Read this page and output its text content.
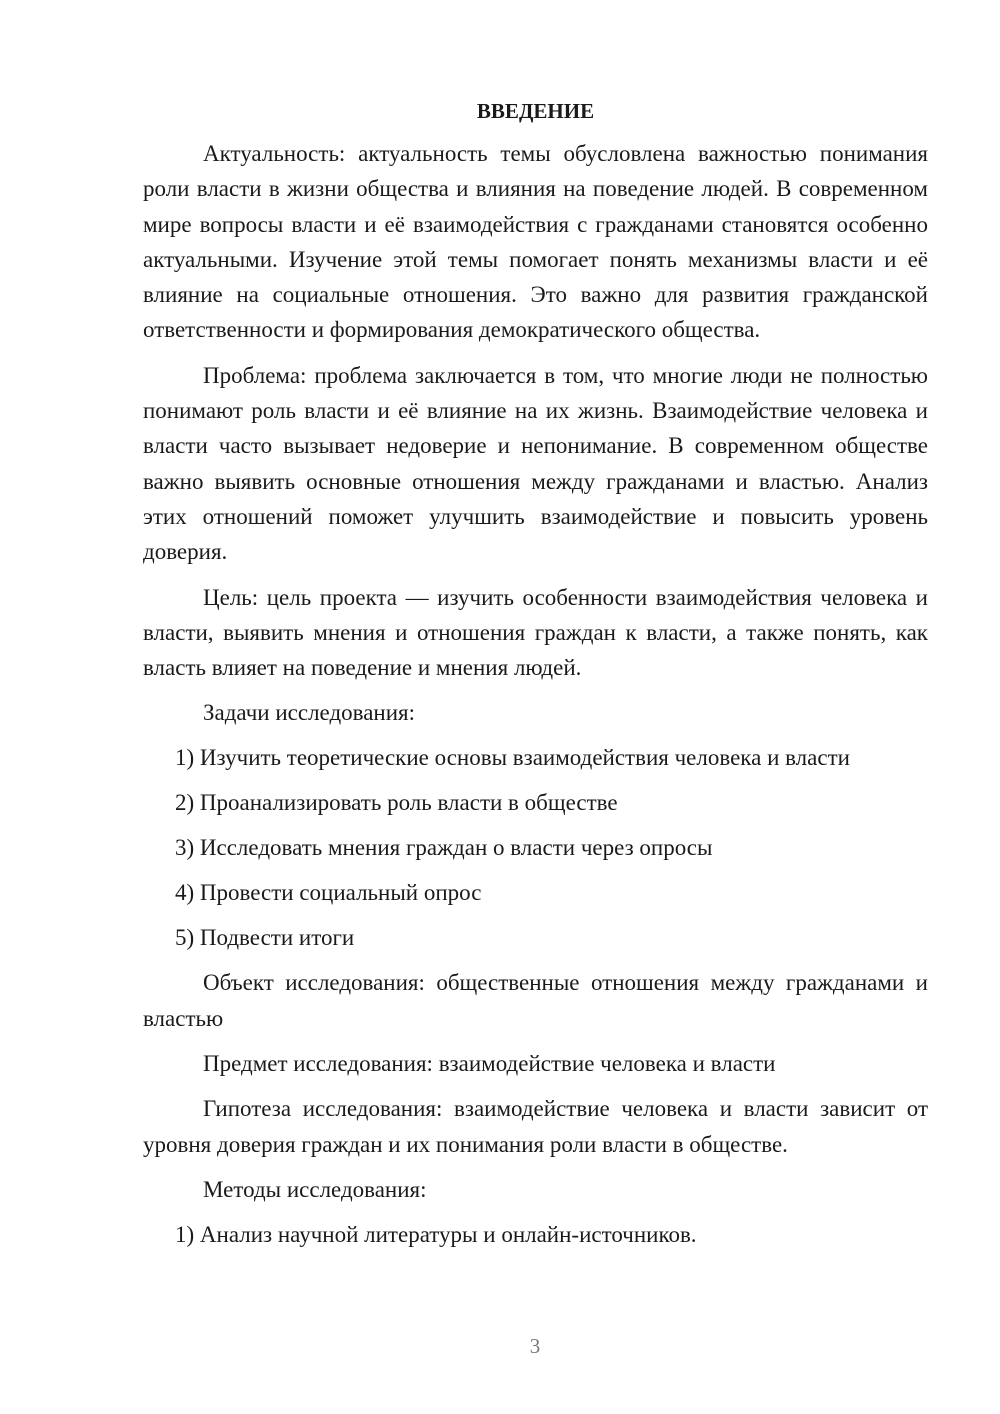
ВВЕДЕНИЕ

Актуальность: актуальность темы обусловлена важностью понимания роли власти в жизни общества и влияния на поведение людей. В современном мире вопросы власти и её взаимодействия с гражданами становятся особенно актуальными. Изучение этой темы помогает понять механизмы власти и её влияние на социальные отношения. Это важно для развития гражданской ответственности и формирования демократического общества.

Проблема: проблема заключается в том, что многие люди не полностью понимают роль власти и её влияние на их жизнь. Взаимодействие человека и власти часто вызывает недоверие и непонимание. В современном обществе важно выявить основные отношения между гражданами и властью. Анализ этих отношений поможет улучшить взаимодействие и повысить уровень доверия.

Цель: цель проекта — изучить особенности взаимодействия человека и власти, выявить мнения и отношения граждан к власти, а также понять, как власть влияет на поведение и мнения людей.

Задачи исследования:
1) Изучить теоретические основы взаимодействия человека и власти
2) Проанализировать роль власти в обществе
3) Исследовать мнения граждан о власти через опросы
4) Провести социальный опрос
5) Подвести итоги

Объект исследования: общественные отношения между гражданами и властью

Предмет исследования: взаимодействие человека и власти

Гипотеза исследования: взаимодействие человека и власти зависит от уровня доверия граждан и их понимания роли власти в обществе.

Методы исследования:
1) Анализ научной литературы и онлайн-источников.
3
